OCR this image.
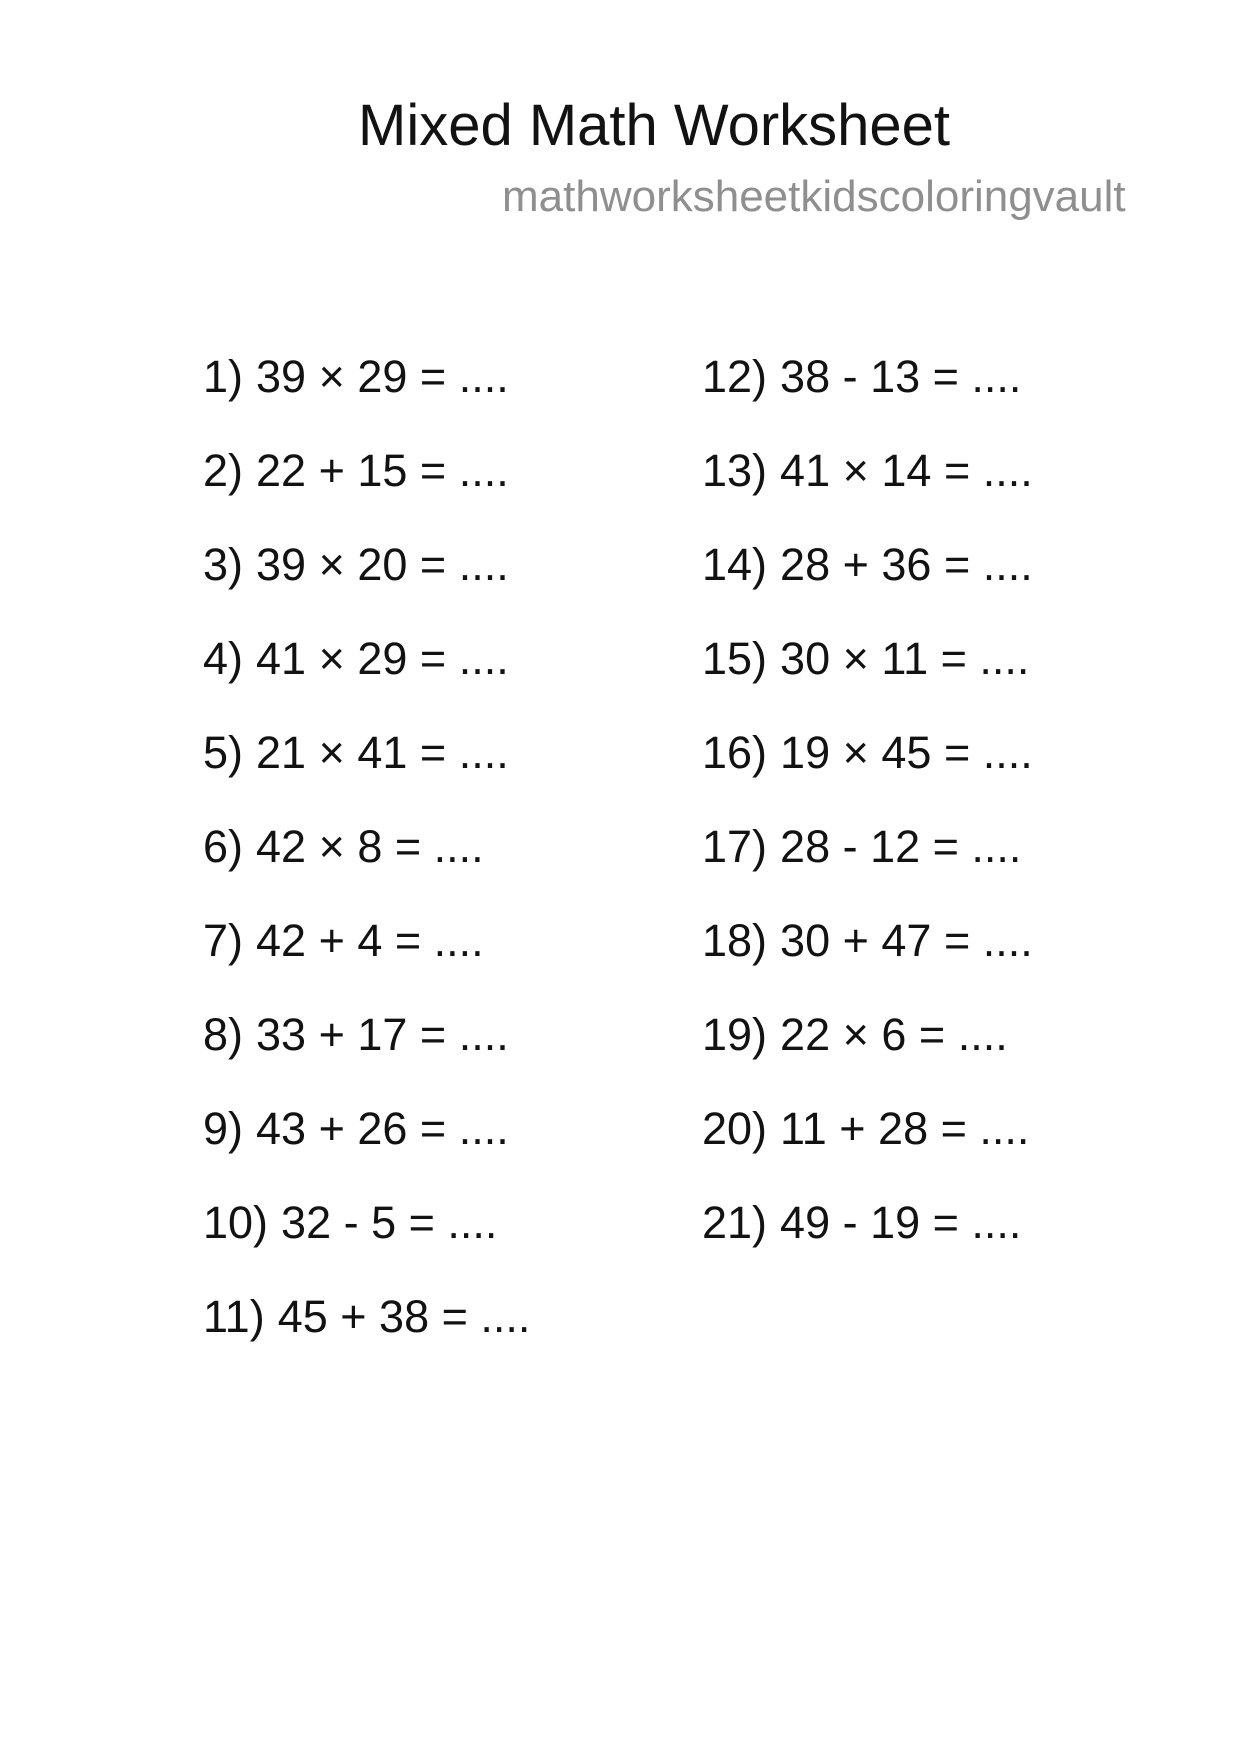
Mixed Math Worksheet
mathworksheetkidscoloringvault
1) 39 × 29 = ....
2) 22 + 15 = ....
3) 39 × 20 = ....
4) 41 × 29 = ....
5) 21 × 41 = ....
6) 42 × 8 = ....
7) 42 + 4 = ....
8) 33 + 17 = ....
9) 43 + 26 = ....
10) 32 - 5 = ....
11) 45 + 38 = ....
12) 38 - 13 = ....
13) 41 × 14 = ....
14) 28 + 36 = ....
15) 30 × 11 = ....
16) 19 × 45 = ....
17) 28 - 12 = ....
18) 30 + 47 = ....
19) 22 × 6 = ....
20) 11 + 28 = ....
21) 49 - 19 = ....
